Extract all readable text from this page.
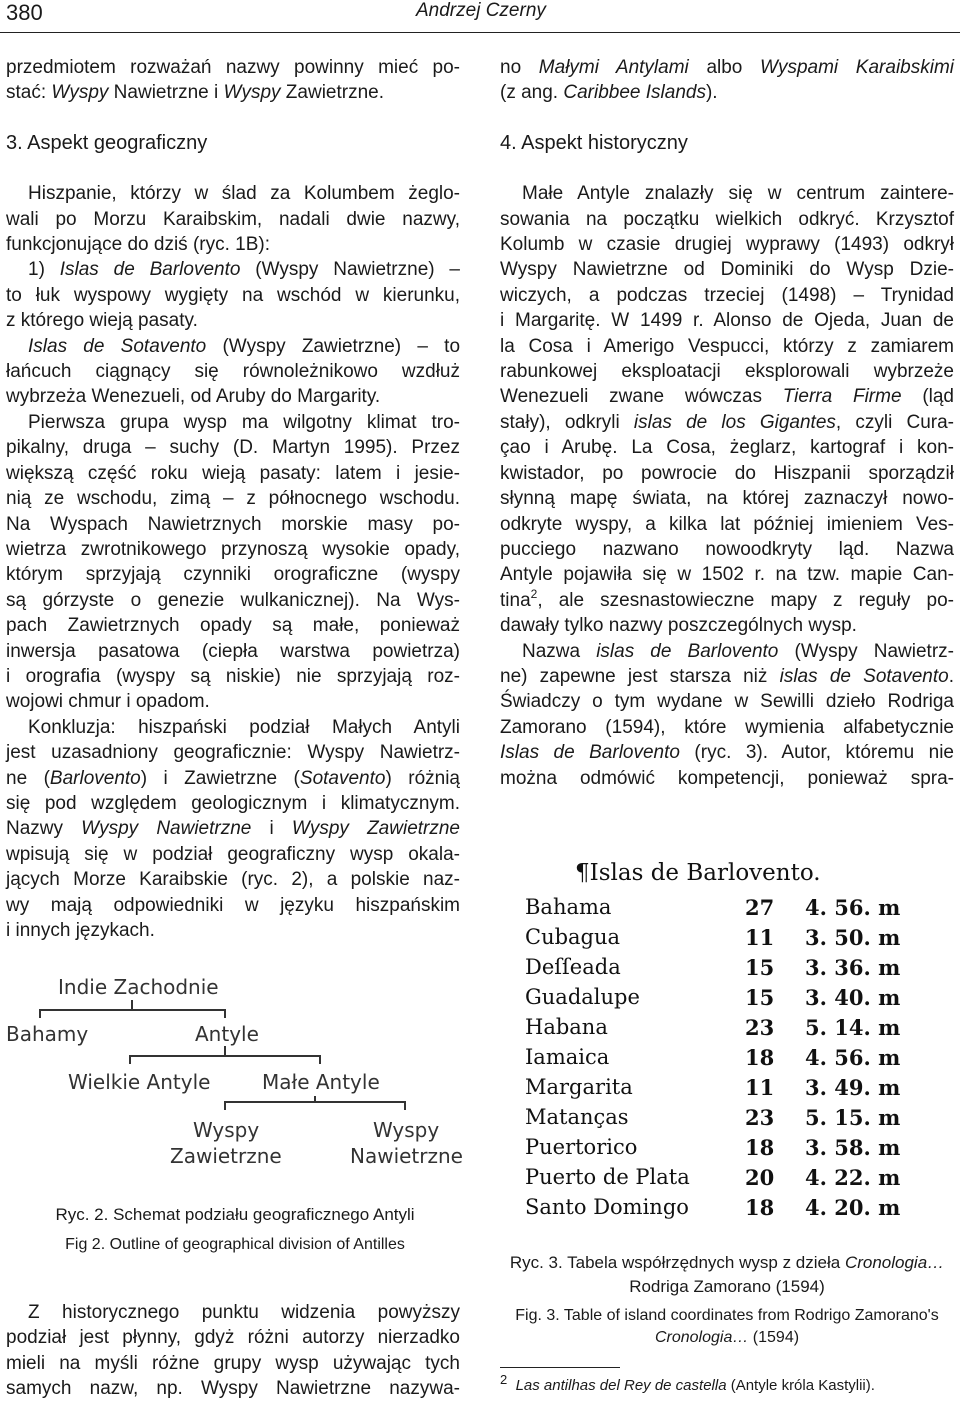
380	Andrzej Czerny

przedmiotem rozważań nazwy powinny mieć po-

stać: Wyspy Nawietrzne i Wyspy Zawietrzne.

3. Aspekt geograficzny

Hiszpanie, którzy w ślad za Kolumbem żeglo-

wali po Morzu Karaibskim, nadali dwie nazwy,

funkcjonujące do dziś (ryc. 1B):

1) Islas de Barlovento (Wyspy Nawietrzne) –

to łuk wyspowy wygięty na wschód w kierunku,

z którego wieją pasaty.

Islas de Sotavento (Wyspy Zawietrzne) – to

łańcuch ciągnący się równoleżnikowo wzdłuż

wybrzeża Wenezueli, od Aruby do Margarity.

Pierwsza grupa wysp ma wilgotny klimat tro-

pikalny, druga – suchy (D. Martyn 1995). Przez

większą część roku wieją pasaty: latem i jesie-

nią ze wschodu, zimą – z północnego wschodu.

Na Wyspach Nawietrznych morskie masy po-

wietrza zwrotnikowego przynoszą wysokie opady,

którym sprzyjają czynniki orograficzne (wyspy

są górzyste o genezie wulkanicznej). Na Wys-

pach Zawietrznych opady są małe, ponieważ

inwersja pasatowa (ciepła warstwa powietrza)

i orografia (wyspy są niskie) nie sprzyjają roz-

wojowi chmur i opadom.

Konkluzja: hiszpański podział Małych Antyli

jest uzasadniony geograficznie: Wyspy Nawietrz-

ne (Barlovento) i Zawietrzne (Sotavento) różnią

się pod względem geologicznym i klimatycznym.

Nazwy Wyspy Nawietrzne i Wyspy Zawietrzne

wpisują się w podział geograficzny wysp okala-

jących Morze Karaibskie (ryc. 2), a polskie naz-

wy mają odpowiedniki w języku hiszpańskim

i innych językach.

Indie Zachodnie
Bahamy	Antyle
Wielkie Antyle	Małe Antyle
Wyspy
Zawietrzne
Wyspy
Nawietrzne
Ryc. 2. Schemat podziału geograficznego Antyli
Fig 2. Outline of geographical division of Antilles

Z historycznego punktu widzenia powyższy

podział jest płynny, gdyż różni autorzy nierzadko

mieli na myśli różne grupy wysp używając tych

samych nazw, np. Wyspy Nawietrzne nazywa-

no Małymi Antylami albo Wyspami Karaibskimi

(z ang. Caribbee Islands).

4. Aspekt historyczny

Małe Antyle znalazły się w centrum zaintere-

sowania na początku wielkich odkryć. Krzysztof

Kolumb w czasie drugiej wyprawy (1493) odkrył

Wyspy Nawietrzne od Dominiki do Wysp Dzie-

wiczych, a podczas trzeciej (1498) – Trynidad

i Margaritę. W 1499 r. Alonso de Ojeda, Juan de

la Cosa i Amerigo Vespucci, którzy z zamiarem

rabunkowej eksploatacji eksplorowali wybrzeże

Wenezueli zwane wówczas Tierra Firme (ląd

stały), odkryli islas de los Gigantes, czyli Cura-

çao i Arubę. La Cosa, żeglarz, kartograf i kon-

kwistador, po powrocie do Hiszpanii sporządził

słynną mapę świata, na której zaznaczył nowo-

odkryte wyspy, a kilka lat później imieniem Ves-

pucciego nazwano nowoodkryty ląd. Nazwa

Antyle pojawiła się w 1502 r. na tzw. mapie Can-

tina$^2$, ale szesnastowieczne mapy z reguły po-

dawały tylko nazwy poszczególnych wysp.

Nazwa islas de Barlovento (Wyspy Nawietrz-

ne) zapewne jest starsza niż islas de Sotavento.

Świadczy o tym wydane w Sewilli dzieło Rodriga

Zamorano (1594), które wymienia alfabetycznie

Islas de Barlovento (ryc. 3). Autor, któremu nie

można odmówić kompetencji, ponieważ spra-

¶Islas de Barlovento.
Bahama	27 4. 56. m
Cubagua	11 3. 50. m
Deſſeada	15 3. 36. m
Guadalupe	15 3. 40. m
Habana	23 5. 14. m
Iamaica	18 4. 56. m
Margarita	11 3. 49. m
Matanças	23 5. 15. m
Puertorico	18 3. 58. m
Puerto de Plata	20 4. 22. m
Santo Domingo	18 4. 20. m
Ryc. 3. Tabela współrzędnych wysp z dzieła Cronologia…
Rodriga Zamorano (1594)
Fig. 3. Table of island coordinates from Rodrigo Zamorano's
Cronologia… (1594)
$^2$ Las antilhas del Rey de castella (Antyle króla Kastylii).
